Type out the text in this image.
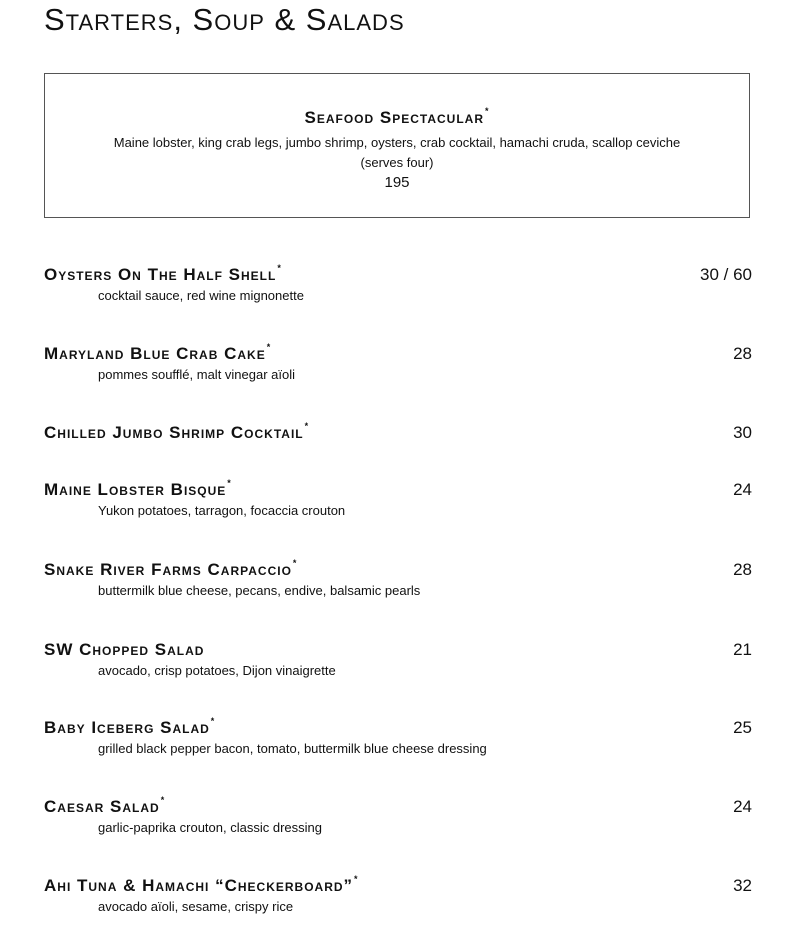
Starters, Soup & Salads
Seafood Spectacular*
Maine lobster, king crab legs, jumbo shrimp, oysters, crab cocktail, hamachi cruda, scallop ceviche
(serves four)
195
Oysters On The Half Shell*	30 / 60
cocktail sauce, red wine mignonette
Maryland Blue Crab Cake*	28
pommes soufflé, malt vinegar aïoli
Chilled Jumbo Shrimp Cocktail*	30
Maine Lobster Bisque*	24
Yukon potatoes, tarragon, focaccia crouton
Snake River Farms Carpaccio*	28
buttermilk blue cheese, pecans, endive, balsamic pearls
SW Chopped Salad	21
avocado, crisp potatoes, Dijon vinaigrette
Baby Iceberg Salad*	25
grilled black pepper bacon, tomato, buttermilk blue cheese dressing
Caesar Salad*	24
garlic-paprika crouton, classic dressing
Ahi Tuna & Hamachi “Checkerboard”*	32
avocado aïoli, sesame, crispy rice
